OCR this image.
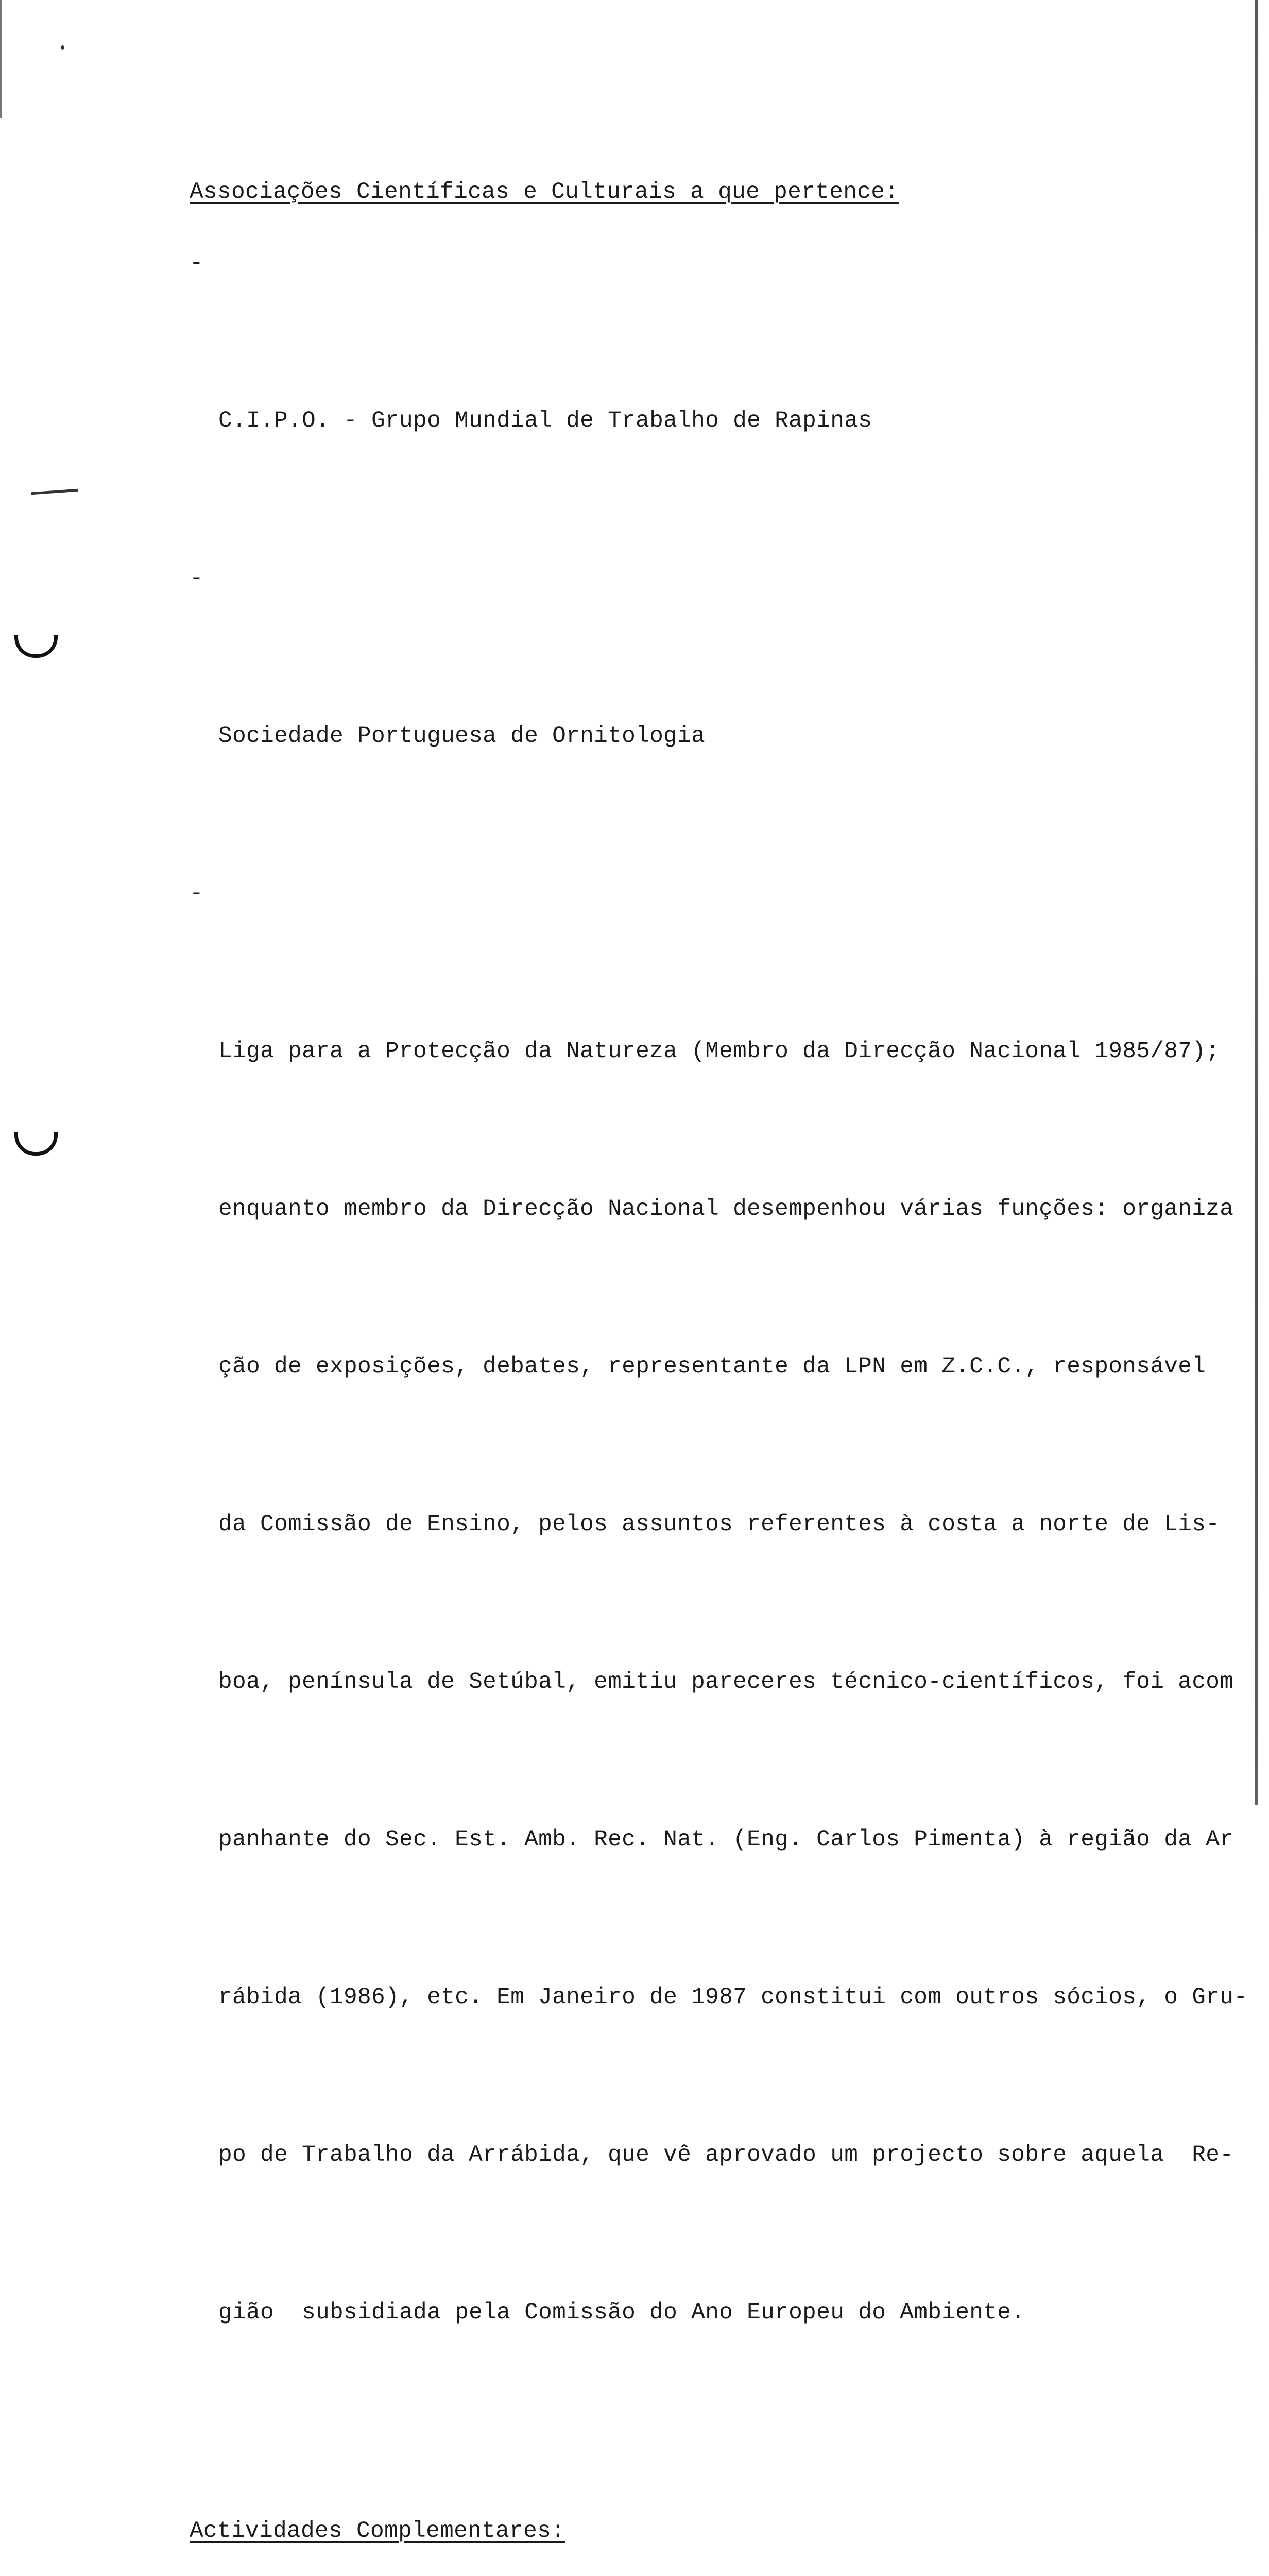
Associações Científicas e Culturais a que pertence:

-

C.I.P.O. - Grupo Mundial de Trabalho de Rapinas

-

Sociedade Portuguesa de Ornitologia

-

Liga para a Protecção da Natureza (Membro da Direcção Nacional 1985/87);

enquanto membro da Direcção Nacional desempenhou várias funções: organiza

ção de exposições, debates, representante da LPN em Z.C.C., responsável

da Comissão de Ensino, pelos assuntos referentes à costa a norte de Lis-

boa, península de Setúbal, emitiu pareceres técnico-científicos, foi acom

panhante do Sec. Est. Amb. Rec. Nat. (Eng. Carlos Pimenta) à região da Ar

rábida (1986), etc. Em Janeiro de 1987 constitui com outros sócios, o Gru-

po de Trabalho da Arrábida, que vê aprovado um projecto sobre aquela  Re-

gião  subsidiada pela Comissão do Ano Europeu do Ambiente.

Actividades Complementares:
